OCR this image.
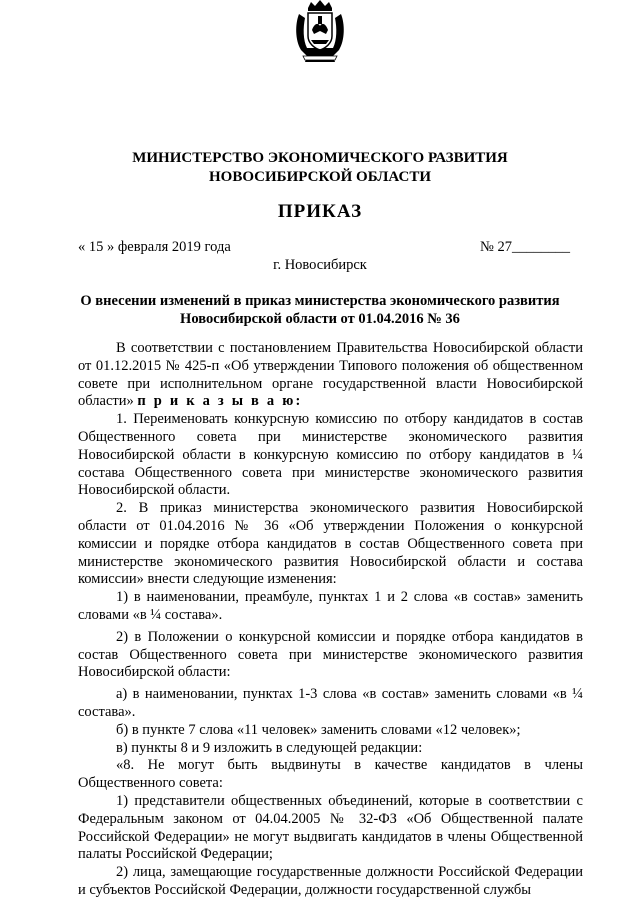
МИНИСТЕРСТВО ЭКОНОМИЧЕСКОГО РАЗВИТИЯ
НОВОСИБИРСКОЙ ОБЛАСТИ
ПРИКАЗ
« 15 » февраля 2019 года	№ 27________
г. Новосибирск
О внесении изменений в приказ министерства экономического развития
Новосибирской области от 01.04.2016 № 36

В соответствии с постановлением Правительства Новосибирской области от 01.12.2015 № 425-п «Об утверждении Типового положения об общественном совете при исполнительном органе государственной власти Новосибирской области» п р и к а з ы в а ю:

1. Переименовать конкурсную комиссию по отбору кандидатов в состав Общественного совета при министерстве экономического развития Новосибирской области в конкурсную комиссию по отбору кандидатов в ¼ состава Общественного совета при министерстве экономического развития Новосибирской области.

2. В приказ министерства экономического развития Новосибирской области от 01.04.2016 № 36 «Об утверждении Положения о конкурсной комиссии и порядке отбора кандидатов в состав Общественного совета при министерстве экономического развития Новосибирской области и состава комиссии» внести следующие изменения:

1) в наименовании, преамбуле, пунктах 1 и 2 слова «в состав» заменить словами «в ¼ состава».

2) в Положении о конкурсной комиссии и порядке отбора кандидатов в состав Общественного совета при министерстве экономического развития Новосибирской области:

а) в наименовании, пунктах 1-3 слова «в состав» заменить словами «в ¼ состава».

б) в пункте 7 слова «11 человек» заменить словами «12 человек»;

в) пункты 8 и 9 изложить в следующей редакции:

«8. Не могут быть выдвинуты в качестве кандидатов в члены Общественного совета:

1) представители общественных объединений, которые в соответствии с Федеральным законом от 04.04.2005 № 32-ФЗ «Об Общественной палате Российской Федерации» не могут выдвигать кандидатов в члены Общественной палаты Российской Федерации;

2) лица, замещающие государственные должности Российской Федерации и субъектов Российской Федерации, должности государственной службы
